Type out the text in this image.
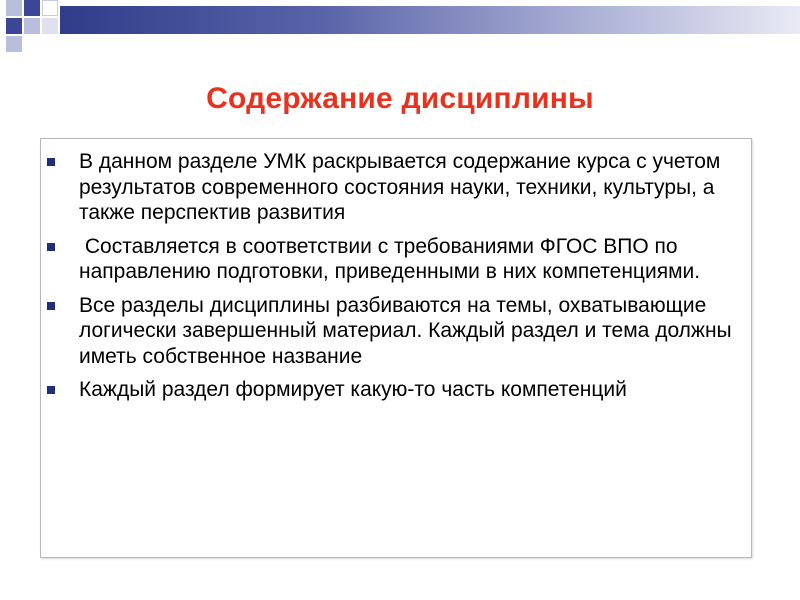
Содержание дисциплины
В данном разделе УМК раскрывается содержание курса с учетом результатов современного состояния науки, техники, культуры, а также перспектив развития
Составляется в соответствии с требованиями ФГОС ВПО по направлению подготовки, приведенными в них компетенциями.
Все разделы дисциплины разбиваются на темы, охватывающие логически завершенный материал. Каждый раздел и тема должны иметь собственное название
Каждый раздел формирует какую-то часть компетенций
